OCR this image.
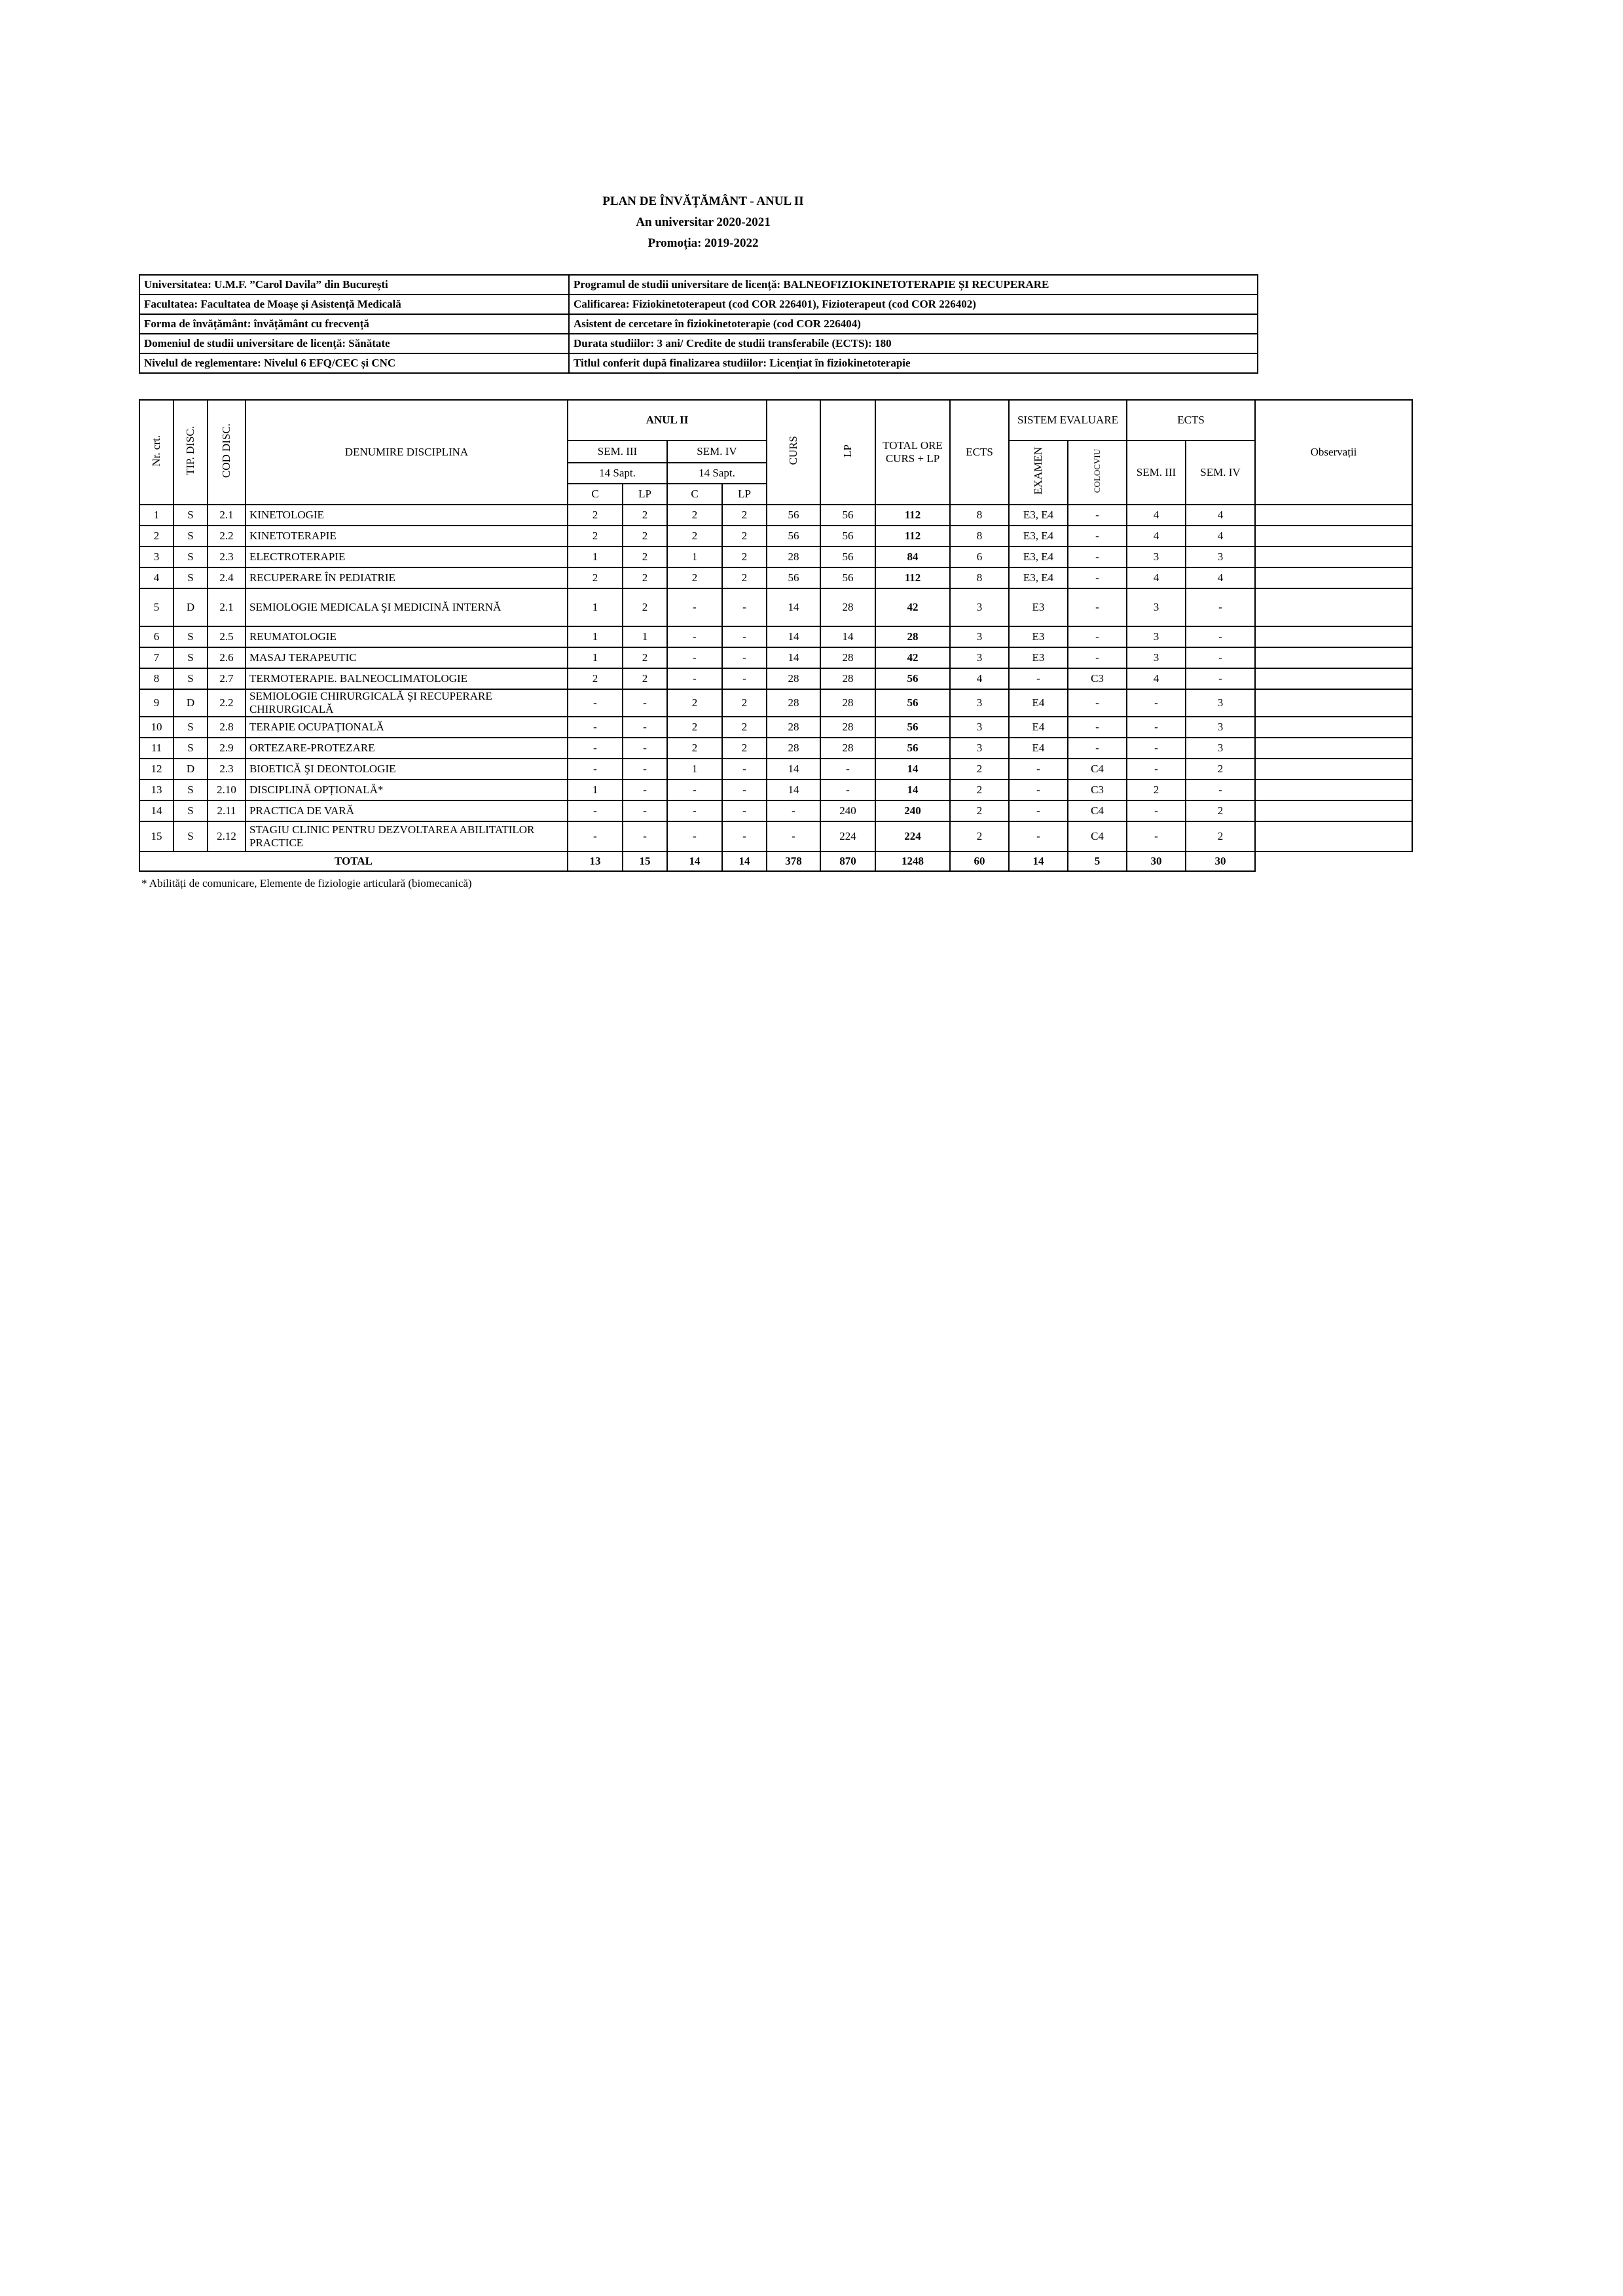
PLAN DE ÎNVĂȚĂMÂNT - ANUL II
An universitar 2020-2021
Promoția: 2019-2022
Universitatea: U.M.F. ”Carol Davila” din București	Programul de studii universitare de licență: BALNEOFIZIOKINETOTERAPIE ȘI RECUPERARE
Facultatea: Facultatea de Moașe și Asistență Medicală	Calificarea: Fiziokinetoterapeut (cod COR 226401), Fizioterapeut (cod COR 226402)
Forma de învățământ: învățământ cu frecvență	Asistent de cercetare în fiziokinetoterapie (cod COR 226404)
Domeniul de studii universitare de licență: Sănătate	Durata studiilor: 3 ani/ Credite de studii transferabile (ECTS): 180
Nivelul de reglementare: Nivelul 6 EFQ/CEC și CNC	Titlul conferit după finalizarea studiilor: Licențiat în fiziokinetoterapie
Nr. crt.	TIP. DISC.	COD DISC.	DENUMIRE DISCIPLINA	ANUL II				CURS	LP	TOTAL ORE CURS + LP	ECTS	SISTEM EVALUARE		ECTS		Observații
				SEM. III		SEM. IV						EXAMEN	COLOCVIU	SEM. III	SEM. IV	
				14 Sapt.		14 Sapt.										
				C	LP	C	LP									
1	S	2.1	KINETOLOGIE	2	2	2	2	56	56	112	8	E3, E4	-	4	4	
2	S	2.2	KINETOTERAPIE	2	2	2	2	56	56	112	8	E3, E4	-	4	4	
3	S	2.3	ELECTROTERAPIE	1	2	1	2	28	56	84	6	E3, E4	-	3	3	
4	S	2.4	RECUPERARE ÎN PEDIATRIE	2	2	2	2	56	56	112	8	E3, E4	-	4	4	
5	D	2.1	SEMIOLOGIE MEDICALA ŞI MEDICINĂ INTERNĂ	1	2	-	-	14	28	42	3	E3	-	3	-	
6	S	2.5	REUMATOLOGIE	1	1	-	-	14	14	28	3	E3	-	3	-	
7	S	2.6	MASAJ TERAPEUTIC	1	2	-	-	14	28	42	3	E3	-	3	-	
8	S	2.7	TERMOTERAPIE. BALNEOCLIMATOLOGIE	2	2	-	-	28	28	56	4	-	C3	4	-	
9	D	2.2	SEMIOLOGIE CHIRURGICALĂ ŞI RECUPERARE CHIRURGICALĂ	-	-	2	2	28	28	56	3	E4	-	-	3	
10	S	2.8	TERAPIE OCUPAȚIONALĂ	-	-	2	2	28	28	56	3	E4	-	-	3	
11	S	2.9	ORTEZARE-PROTEZARE	-	-	2	2	28	28	56	3	E4	-	-	3	
12	D	2.3	BIOETICĂ ŞI DEONTOLOGIE	-	-	1	-	14	-	14	2	-	C4	-	2	
13	S	2.10	DISCIPLINĂ OPȚIONALĂ*	1	-	-	-	14	-	14	2	-	C3	2	-	
14	S	2.11	PRACTICA DE VARĂ	-	-	-	-	-	240	240	2	-	C4	-	2	
15	S	2.12	STAGIU CLINIC PENTRU DEZVOLTAREA ABILITATILOR PRACTICE	-	-	-	-	-	224	224	2	-	C4	-	2	
TOTAL				13	15	14	14	378	870	1248	60	14	5	30	30	
* Abilități de comunicare, Elemente de fiziologie articulară (biomecanică)
